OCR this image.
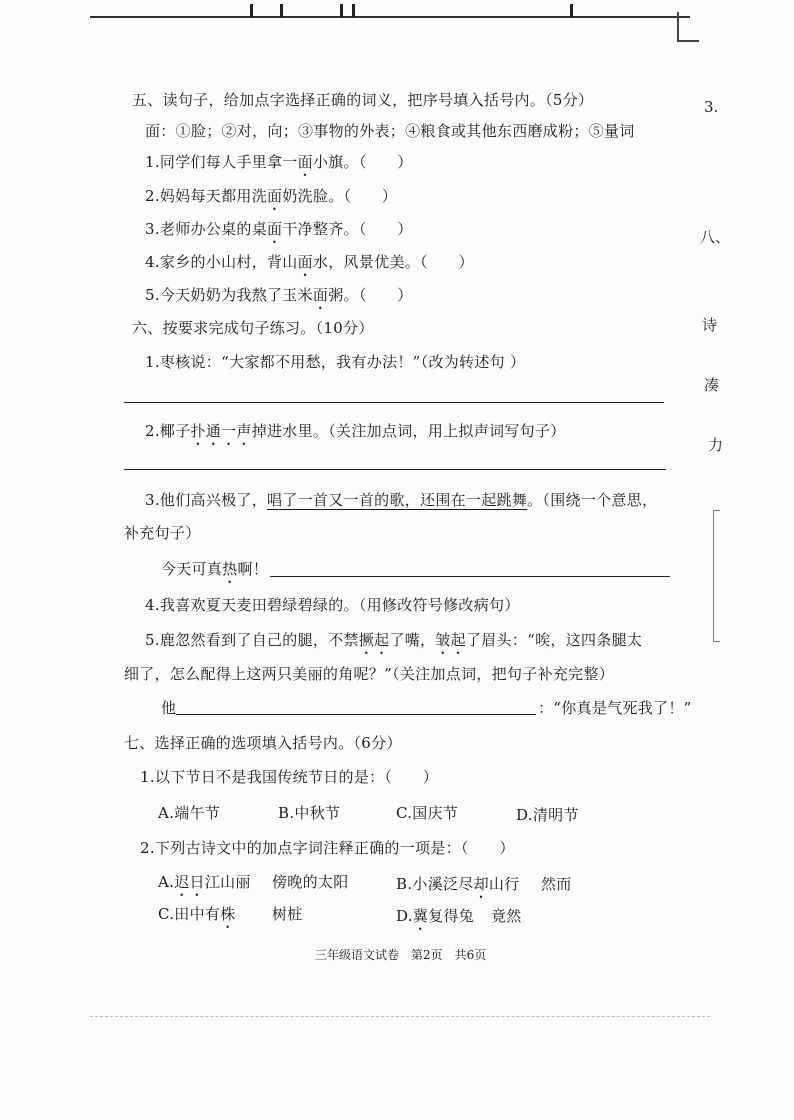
3.
八、
诗
凑
力
五、读句子，给加点字选择正确的词义，把序号填入括号内。（5分）
面：①脸；②对，向；③事物的外表；④粮食或其他东西磨成粉；⑤量词
1.同学们每人手里拿一面小旗。（　　）
2.妈妈每天都用洗面奶洗脸。（　　）
3.老师办公桌的桌面干净整齐。（　　）
4.家乡的小山村，背山面水，风景优美。（　　）
5.今天奶奶为我熬了玉米面粥。（　　）
六、按要求完成句子练习。（10分）
1.枣核说：“大家都不用愁，我有办法！”（改为转述句 ）
2.椰子扑通一声掉进水里。（关注加点词，用上拟声词写句子）
3.他们高兴极了，唱了一首又一首的歌，还围在一起跳舞。（围绕一个意思，
补充句子）
今天可真热啊！
4.我喜欢夏天麦田碧绿碧绿的。（用修改符号修改病句）
5.鹿忽然看到了自己的腿，不禁撅起了嘴，皱起了眉头：“唉，这四条腿太
细了，怎么配得上这两只美丽的角呢？”（关注加点词，把句子补充完整）
他	：“你真是气死我了！”
七、选择正确的选项填入括号内。（6分）
1.以下节日不是我国传统节日的是：（　　）
A.端午节	B.中秋节	C.国庆节	D.清明节
2.下列古诗文中的加点字词注释正确的一项是：（　　）
A.迟日江山丽 傍晚的太阳	B.小溪泛尽却山行 然而
C.田中有株 树桩	D.冀复得兔 竟然
三年级语文试卷　第2页　共6页
